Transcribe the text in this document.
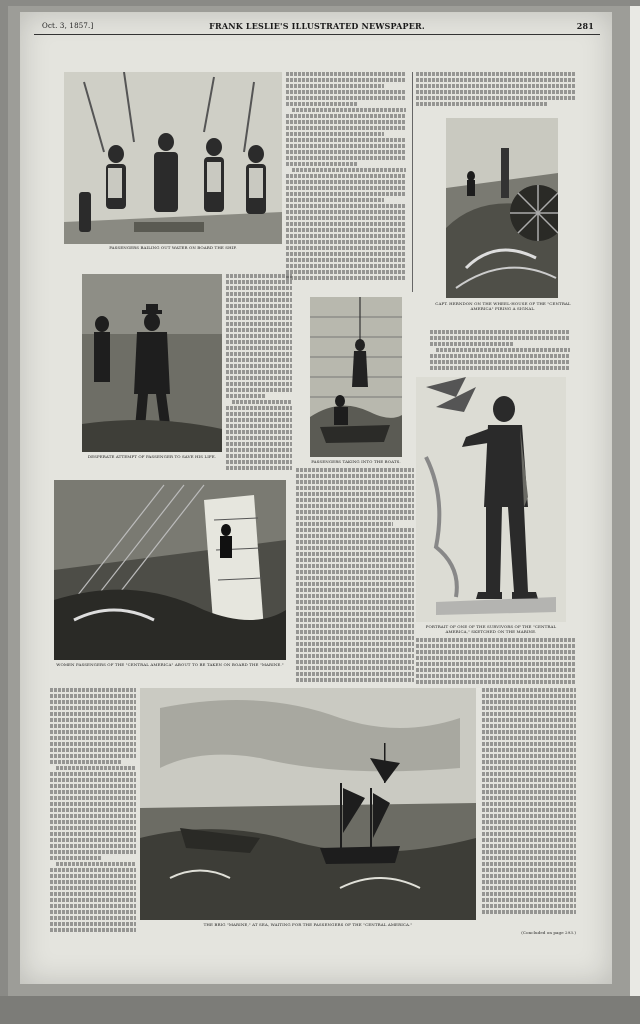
Oct. 3, 1857.]	FRANK LESLIE'S ILLUSTRATED NEWSPAPER.	281
PASSENGERS BAILING OUT WATER ON BOARD THE SHIP.
DESPERATE ATTEMPT OF PASSENGER TO SAVE HIS LIFE.
PASSENGERS TAKING INTO THE BOATS.
CAPT. HERNDON ON THE WHEEL-HOUSE OF THE "CENTRAL AMERICA" FIRING A SIGNAL.
PORTRAIT OF ONE OF THE SURVIVORS OF THE "CENTRAL AMERICA," SKETCHED ON THE MARINE.
WOMEN PASSENGERS OF THE "CENTRAL AMERICA" ABOUT TO BE TAKEN ON BOARD THE "MARINE."
THE BRIG "MARINE," AT SEA, WAITING FOR THE PASSENGERS OF THE "CENTRAL AMERICA."
(Concluded on page 293.)
